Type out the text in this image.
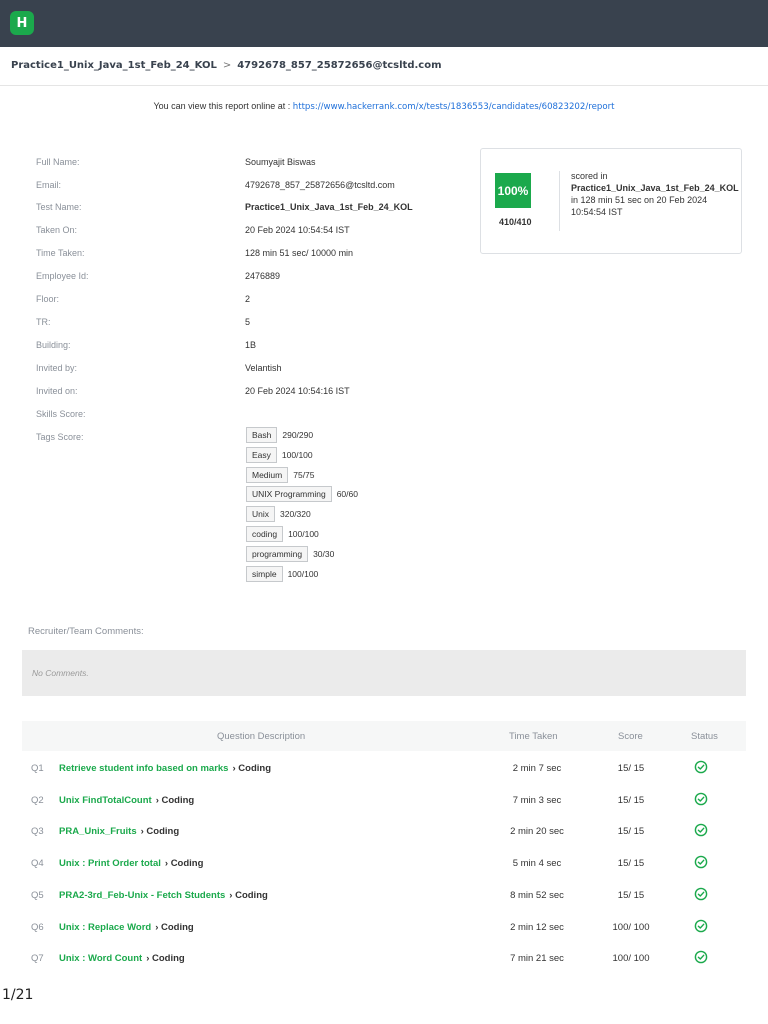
H
Practice1_Unix_Java_1st_Feb_24_KOL > 4792678_857_25872656@tcsltd.com
You can view this report online at : https://www.hackerrank.com/x/tests/1836553/candidates/60823202/report
Full Name:	Soumyajit Biswas
Email:	4792678_857_25872656@tcsltd.com
Test Name:	Practice1_Unix_Java_1st_Feb_24_KOL
Taken On:	20 Feb 2024 10:54:54 IST
Time Taken:	128 min 51 sec/ 10000 min
Employee Id:	2476889
Floor:	2
TR:	5
Building:	1B
Invited by:	Velantish
Invited on:	20 Feb 2024 10:54:16 IST
Skills Score:
Tags Score:
100%
410/410
scored in
Practice1_Unix_Java_1st_Feb_24_KOL
in 128 min 51 sec on 20 Feb 2024
10:54:54 IST
Bash 290/290
Easy 100/100
Medium 75/75
UNIX Programming 60/60
Unix 320/320
coding 100/100
programming 30/30
simple 100/100
Recruiter/Team Comments:
No Comments.
Question Description	Time Taken	Score	Status
Q1 Retrieve student info based on marks › Coding	2 min 7 sec	15/ 15
Q2 Unix FindTotalCount › Coding	7 min 3 sec	15/ 15
Q3 PRA_Unix_Fruits › Coding	2 min 20 sec	15/ 15
Q4 Unix : Print Order total › Coding	5 min 4 sec	15/ 15
Q5 PRA2-3rd_Feb-Unix - Fetch Students › Coding	8 min 52 sec	15/ 15
Q6 Unix : Replace Word › Coding	2 min 12 sec	100/ 100
Q7 Unix : Word Count › Coding	7 min 21 sec	100/ 100
1/21
